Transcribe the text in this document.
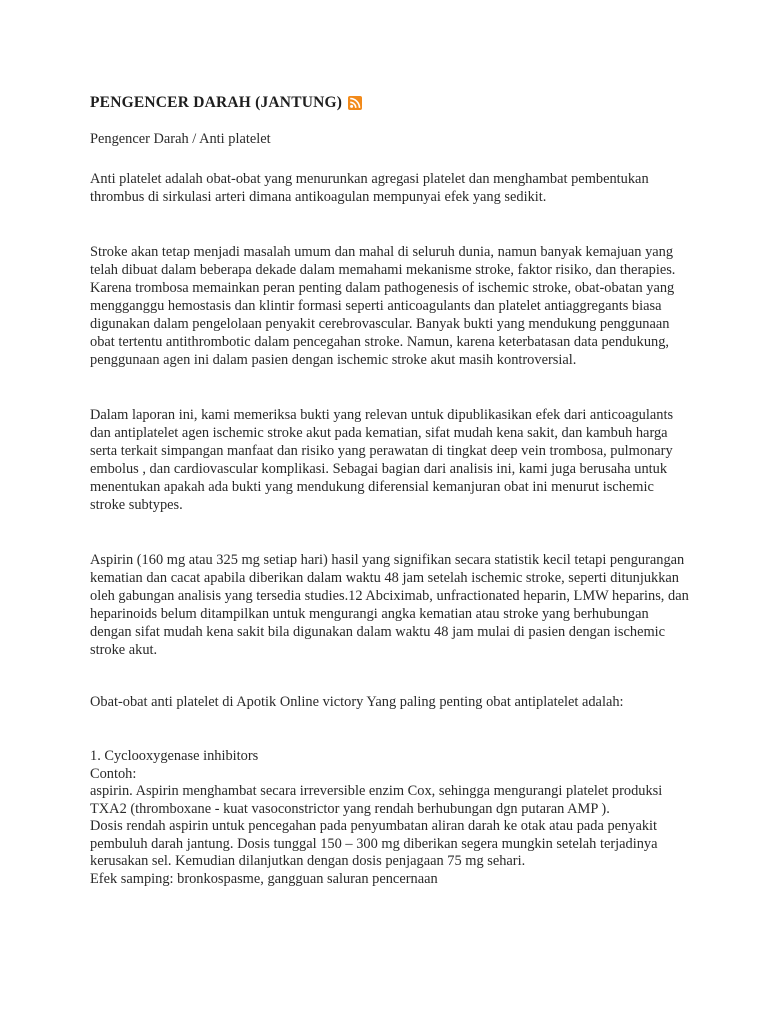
PENGENCER DARAH (JANTUNG)
Pengencer Darah / Anti platelet

Anti platelet adalah obat-obat yang menurunkan agregasi platelet dan menghambat pembentukan thrombus di sirkulasi arteri dimana antikoagulan mempunyai efek yang sedikit.

Stroke akan tetap menjadi masalah umum dan mahal di seluruh dunia, namun banyak kemajuan yang telah dibuat dalam beberapa dekade dalam memahami mekanisme stroke, faktor risiko, dan therapies. Karena trombosa memainkan peran penting dalam pathogenesis of ischemic stroke, obat-obatan yang mengganggu hemostasis dan klintir formasi seperti anticoagulants dan platelet antiaggregants biasa digunakan dalam pengelolaan penyakit cerebrovascular. Banyak bukti yang mendukung penggunaan obat tertentu antithrombotic dalam pencegahan stroke. Namun, karena keterbatasan data pendukung, penggunaan agen ini dalam pasien dengan ischemic stroke akut masih kontroversial.

Dalam laporan ini, kami memeriksa bukti yang relevan untuk dipublikasikan efek dari anticoagulants dan antiplatelet agen ischemic stroke akut pada kematian, sifat mudah kena sakit, dan kambuh harga serta terkait simpangan manfaat dan risiko yang perawatan di tingkat deep vein trombosa, pulmonary embolus , dan cardiovascular komplikasi. Sebagai bagian dari analisis ini, kami juga berusaha untuk menentukan apakah ada bukti yang mendukung diferensial kemanjuran obat ini menurut ischemic stroke subtypes.

Aspirin (160 mg atau 325 mg setiap hari) hasil yang signifikan secara statistik kecil tetapi pengurangan kematian dan cacat apabila diberikan dalam waktu 48 jam setelah ischemic stroke, seperti ditunjukkan oleh gabungan analisis yang tersedia studies.12 Abciximab, unfractionated heparin, LMW heparins, dan heparinoids belum ditampilkan untuk mengurangi angka kematian atau stroke yang berhubungan dengan sifat mudah kena sakit bila digunakan dalam waktu 48 jam mulai di pasien dengan ischemic stroke akut.

Obat-obat anti platelet di Apotik Online victory Yang paling penting obat antiplatelet adalah:

1. Cyclooxygenase inhibitors

Contoh:

aspirin. Aspirin menghambat secara irreversible enzim Cox, sehingga mengurangi platelet produksi TXA2 (thromboxane - kuat vasoconstrictor yang rendah berhubungan dgn putaran AMP ).

Dosis rendah aspirin untuk pencegahan pada penyumbatan aliran darah ke otak atau pada penyakit pembuluh darah jantung. Dosis tunggal 150 – 300 mg diberikan segera mungkin setelah terjadinya kerusakan sel. Kemudian dilanjutkan dengan dosis penjagaan 75 mg sehari.

Efek samping: bronkospasme, gangguan saluran pencernaan
